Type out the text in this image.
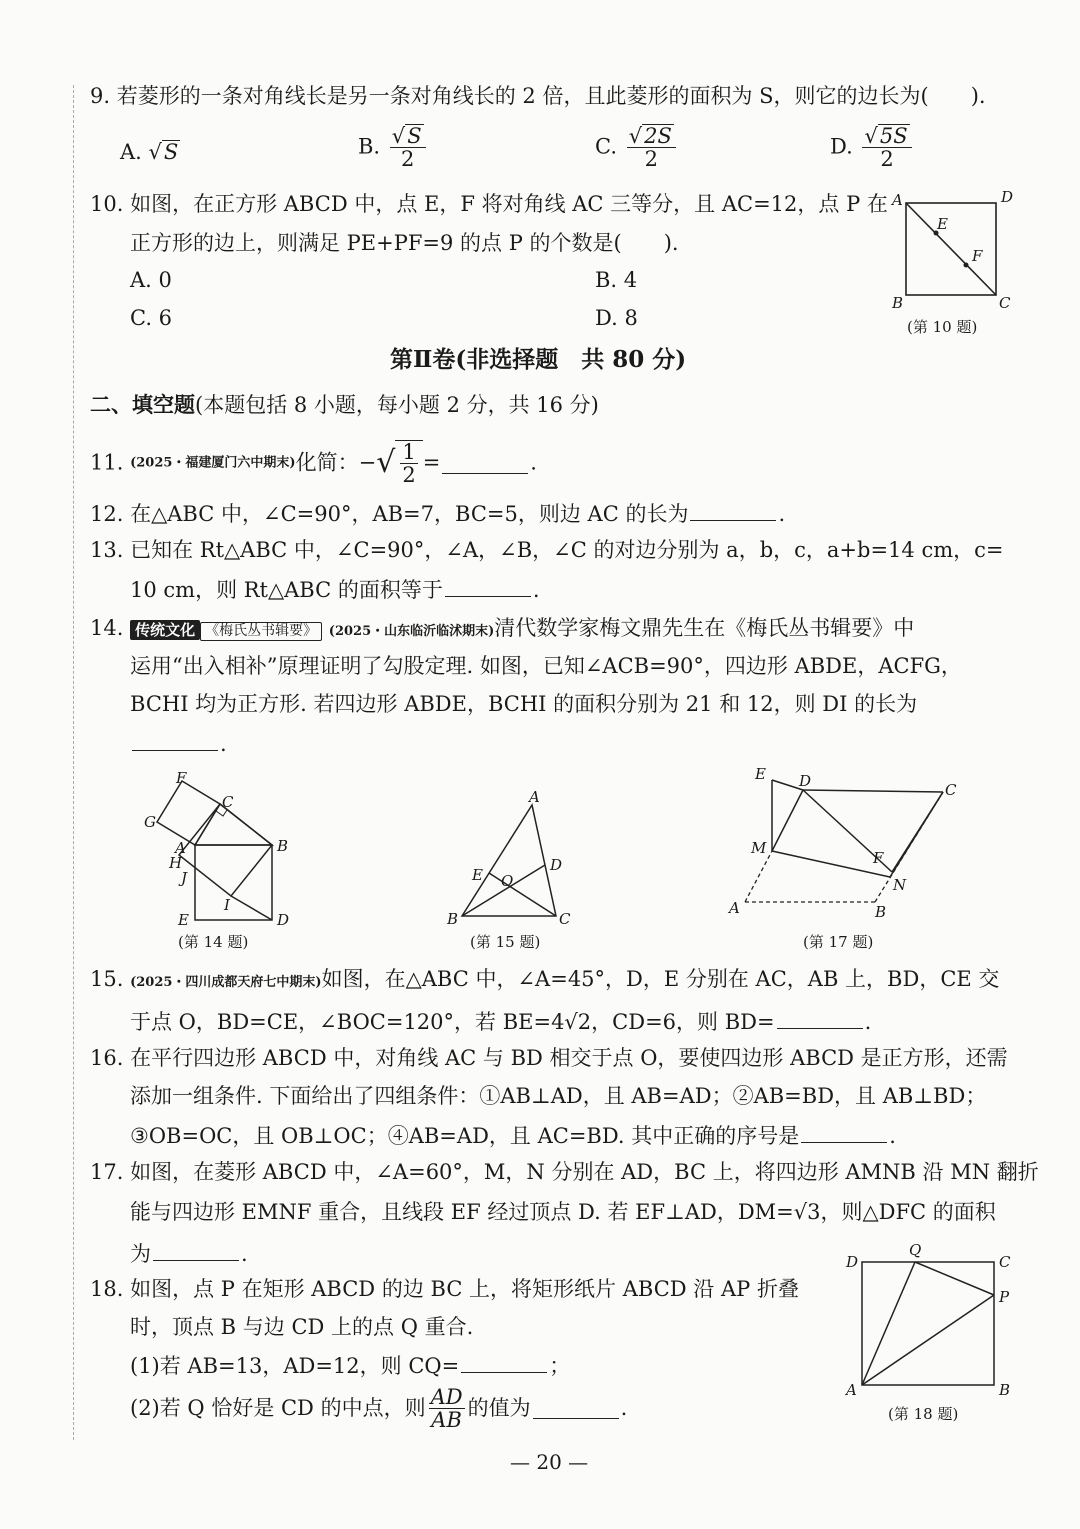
9. 若菱形的一条对角线长是另一条对角线长的 2 倍，且此菱形的面积为 S，则它的边长为(　　).
A. √S	B. $\frac{√S}{2}$	C. $\frac{√2S}{2}$	D. $\frac{√5S}{2}$
10. 如图，在正方形 ABCD 中，点 E，F 将对角线 AC 三等分，且 AC=12，点 P 在
正方形的边上，则满足 PE+PF=9 的点 P 的个数是(　　).
A. 0	B. 4
C. 6	D. 8
A	D
E
F
B	C
(第 10 题)
第Ⅱ卷(非选择题　共 80 分)
二、填空题(本题包括 8 小题，每小题 2 分，共 16 分)
11. (2025・福建厦门六中期末)化简：−√ $\frac{1}{2}$ =	.
12. 在△ABC 中，∠C=90°，AB=7，BC=5，则边 AC 的长为	.
13. 已知在 Rt△ABC 中，∠C=90°，∠A，∠B，∠C 的对边分别为 a，b，c，a+b=14 cm，c=
10 cm，则 Rt△ABC 的面积等于	.
14. 传统文化 《梅氏丛书辑要》 (2025・山东临沂临沭期末)清代数学家梅文鼎先生在《梅氏丛书辑要》中
运用“出入相补”原理证明了勾股定理. 如图，已知∠ACB=90°，四边形 ABDE，ACFG，
BCHI 均为正方形. 若四边形 ABDE，BCHI 的面积分别为 21 和 12，则 DI 的长为
.
F
C
G
A	B
H
J
I
E	D
(第 14 题)
A
E O
D
B	C
(第 15 题)
E D	C
M
F
N
A	B
(第 17 题)
15. (2025・四川成都天府七中期末)如图，在△ABC 中，∠A=45°，D，E 分别在 AC，AB 上，BD，CE 交
于点 O，BD=CE，∠BOC=120°，若 BE=4√2，CD=6，则 BD=	.
16. 在平行四边形 ABCD 中，对角线 AC 与 BD 相交于点 O，要使四边形 ABCD 是正方形，还需
添加一组条件. 下面给出了四组条件：①AB⊥AD，且 AB=AD；②AB=BD，且 AB⊥BD；
③OB=OC，且 OB⊥OC；④AB=AD，且 AC=BD. 其中正确的序号是	.
17. 如图，在菱形 ABCD 中，∠A=60°，M，N 分别在 AD，BC 上，将四边形 AMNB 沿 MN 翻折
能与四边形 EMNF 重合，且线段 EF 经过顶点 D. 若 EF⊥AD，DM=√3，则△DFC 的面积
为	.
18. 如图，点 P 在矩形 ABCD 的边 BC 上，将矩形纸片 ABCD 沿 AP 折叠
时，顶点 B 与边 CD 上的点 Q 重合.
(1)若 AB=13，AD=12，则 CQ=	；
(2)若 Q 恰好是 CD 的中点，则 $\frac{AD}{AB}$ 的值为	.
D
Q
C
P
A	B
(第 18 题)
— 20 —
